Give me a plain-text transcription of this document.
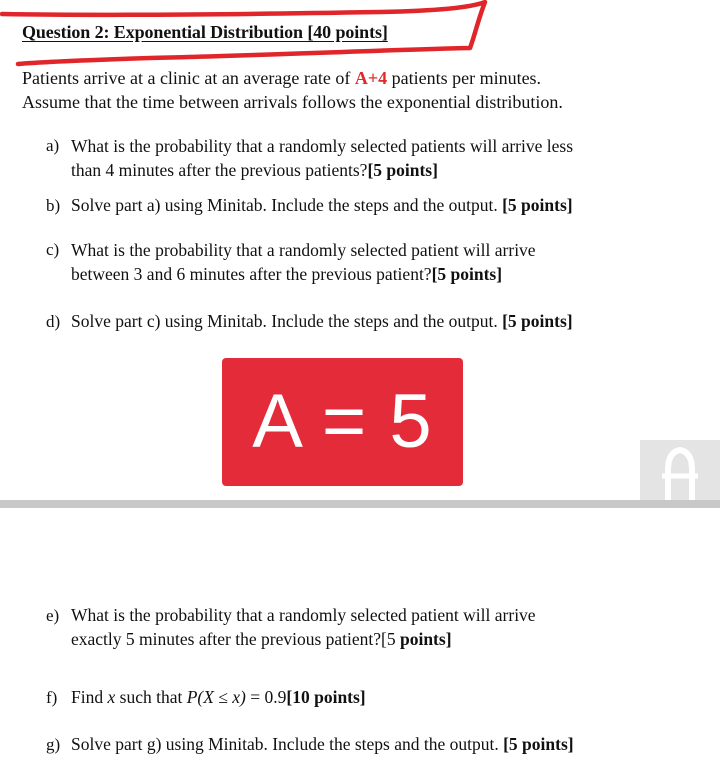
Question 2: Exponential Distribution [40 points]
Patients arrive at a clinic at an average rate of A+4 patients per minutes.
Assume that the time between arrivals follows the exponential distribution.
a) What is the probability that a randomly selected patients will arrive less
than 4 minutes after the previous patients?[5 points]
b) Solve part a) using Minitab. Include the steps and the output. [5 points]
c) What is the probability that a randomly selected patient will arrive
between 3 and 6 minutes after the previous patient?[5 points]
d) Solve part c) using Minitab. Include the steps and the output. [5 points]
A = 5
e) What is the probability that a randomly selected patient will arrive
exactly 5 minutes after the previous patient?[5 points]
f) Find x such that P(X ≤ x) = 0.9[10 points]
g) Solve part g) using Minitab. Include the steps and the output. [5 points]
